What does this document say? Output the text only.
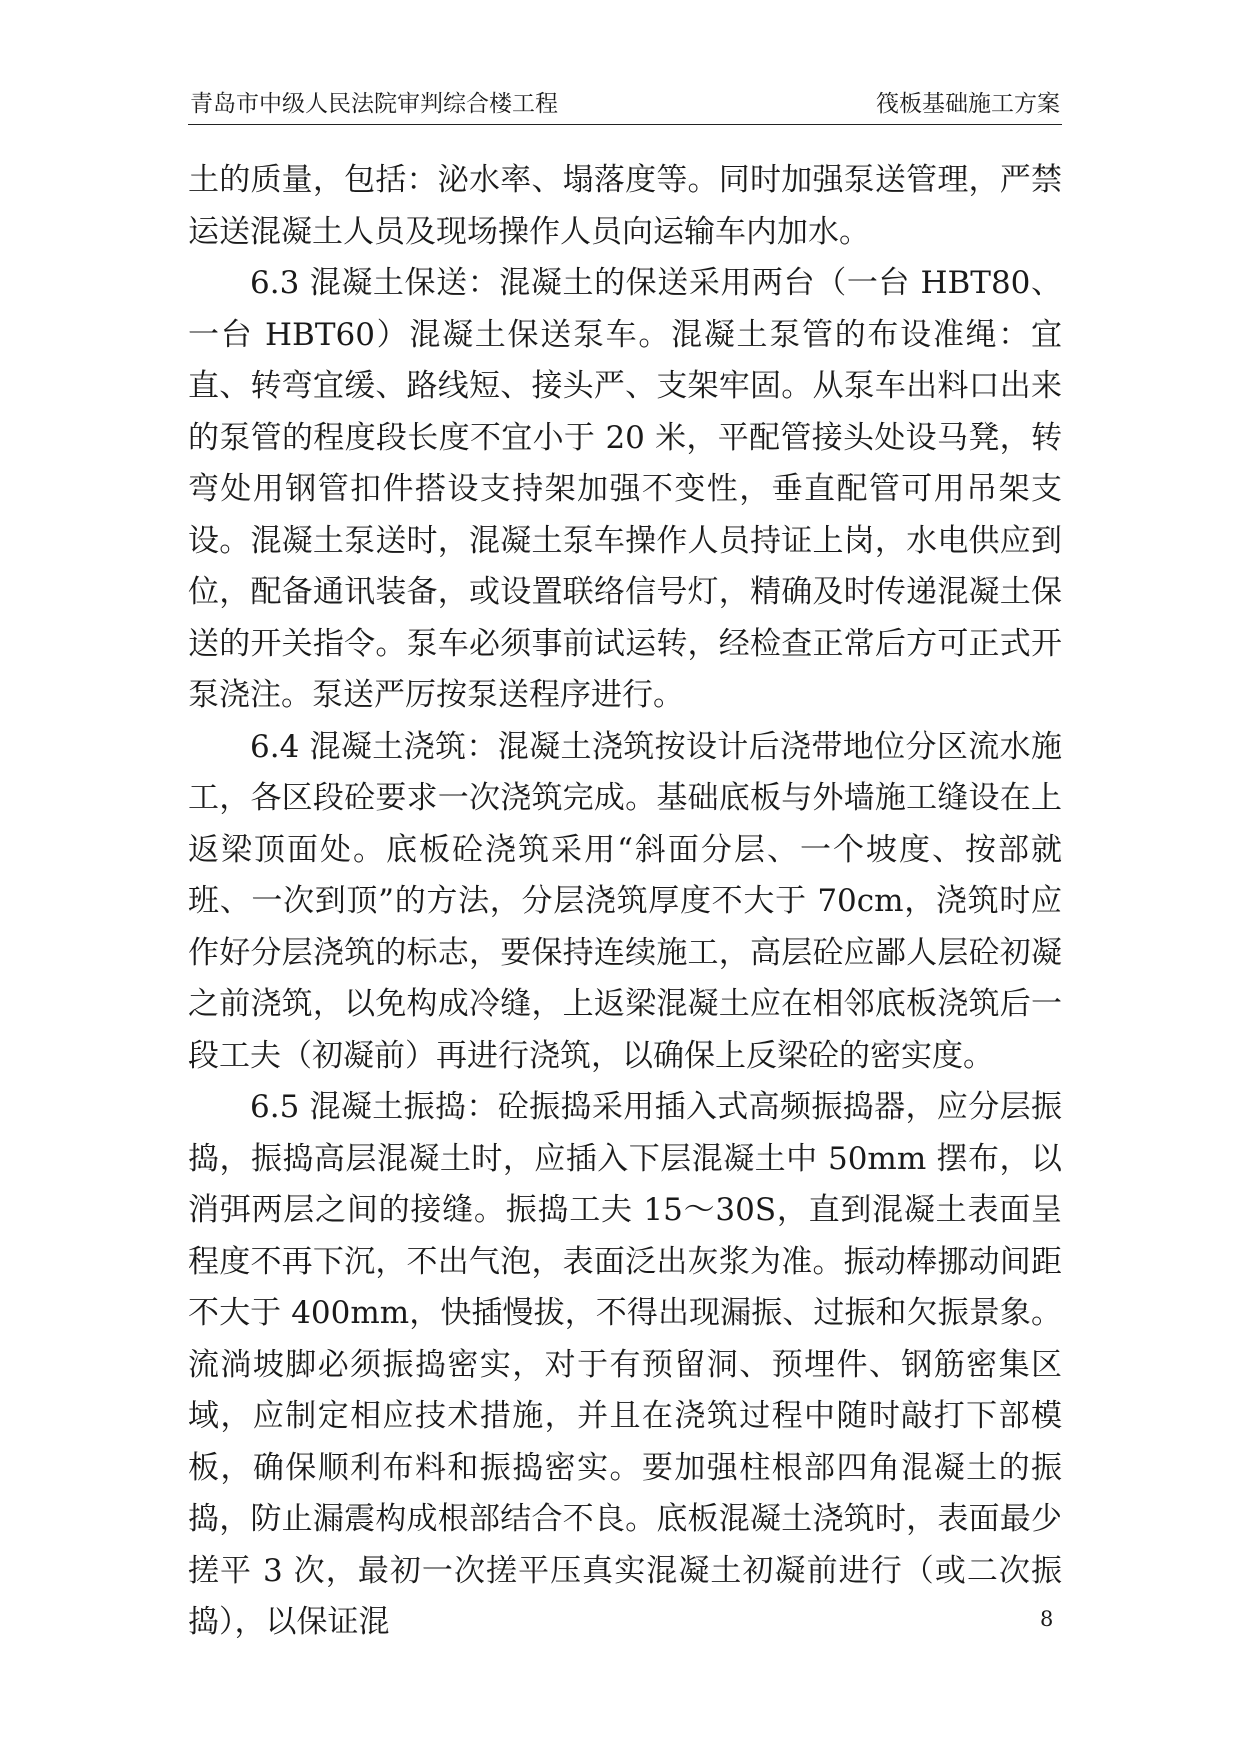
青岛市中级人民法院审判综合楼工程	筏板基础施工方案

土的质量，包括：泌水率、塌落度等。同时加强泵送管理，严禁运送混凝土人员及现场操作人员向运输车内加水。

6.3 混凝土保送：混凝土的保送采用两台（一台 HBT80、一台 HBT60）混凝土保送泵车。混凝土泵管的布设准绳：宜直、转弯宜缓、路线短、接头严、支架牢固。从泵车出料口出来的泵管的程度段长度不宜小于 20 米，平配管接头处设马凳，转弯处用钢管扣件搭设支持架加强不变性，垂直配管可用吊架支设。混凝土泵送时，混凝土泵车操作人员持证上岗，水电供应到位，配备通讯装备，或设置联络信号灯，精确及时传递混凝土保送的开关指令。泵车必须事前试运转，经检查正常后方可正式开泵浇注。泵送严厉按泵送程序进行。

6.4 混凝土浇筑：混凝土浇筑按设计后浇带地位分区流水施工，各区段砼要求一次浇筑完成。基础底板与外墙施工缝设在上返梁顶面处。底板砼浇筑采用“斜面分层、一个坡度、按部就班、一次到顶”的方法，分层浇筑厚度不大于 70cm，浇筑时应作好分层浇筑的标志，要保持连续施工，高层砼应鄙人层砼初凝之前浇筑，以免构成冷缝，上返梁混凝土应在相邻底板浇筑后一段工夫（初凝前）再进行浇筑，以确保上反梁砼的密实度。

6.5 混凝土振捣：砼振捣采用插入式高频振捣器，应分层振捣，振捣高层混凝土时，应插入下层混凝土中 50mm 摆布，以消弭两层之间的接缝。振捣工夫 15～30S，直到混凝土表面呈程度不再下沉，不出气泡，表面泛出灰浆为准。振动棒挪动间距不大于 400mm，快插慢拔，不得出现漏振、过振和欠振景象。流淌坡脚必须振捣密实，对于有预留洞、预埋件、钢筋密集区域，应制定相应技术措施，并且在浇筑过程中随时敲打下部模板，确保顺利布料和振捣密实。要加强柱根部四角混凝土的振捣，防止漏震构成根部结合不良。底板混凝土浇筑时，表面最少搓平 3 次，最初一次搓平压真实混凝土初凝前进行（或二次振捣），以保证混	8
